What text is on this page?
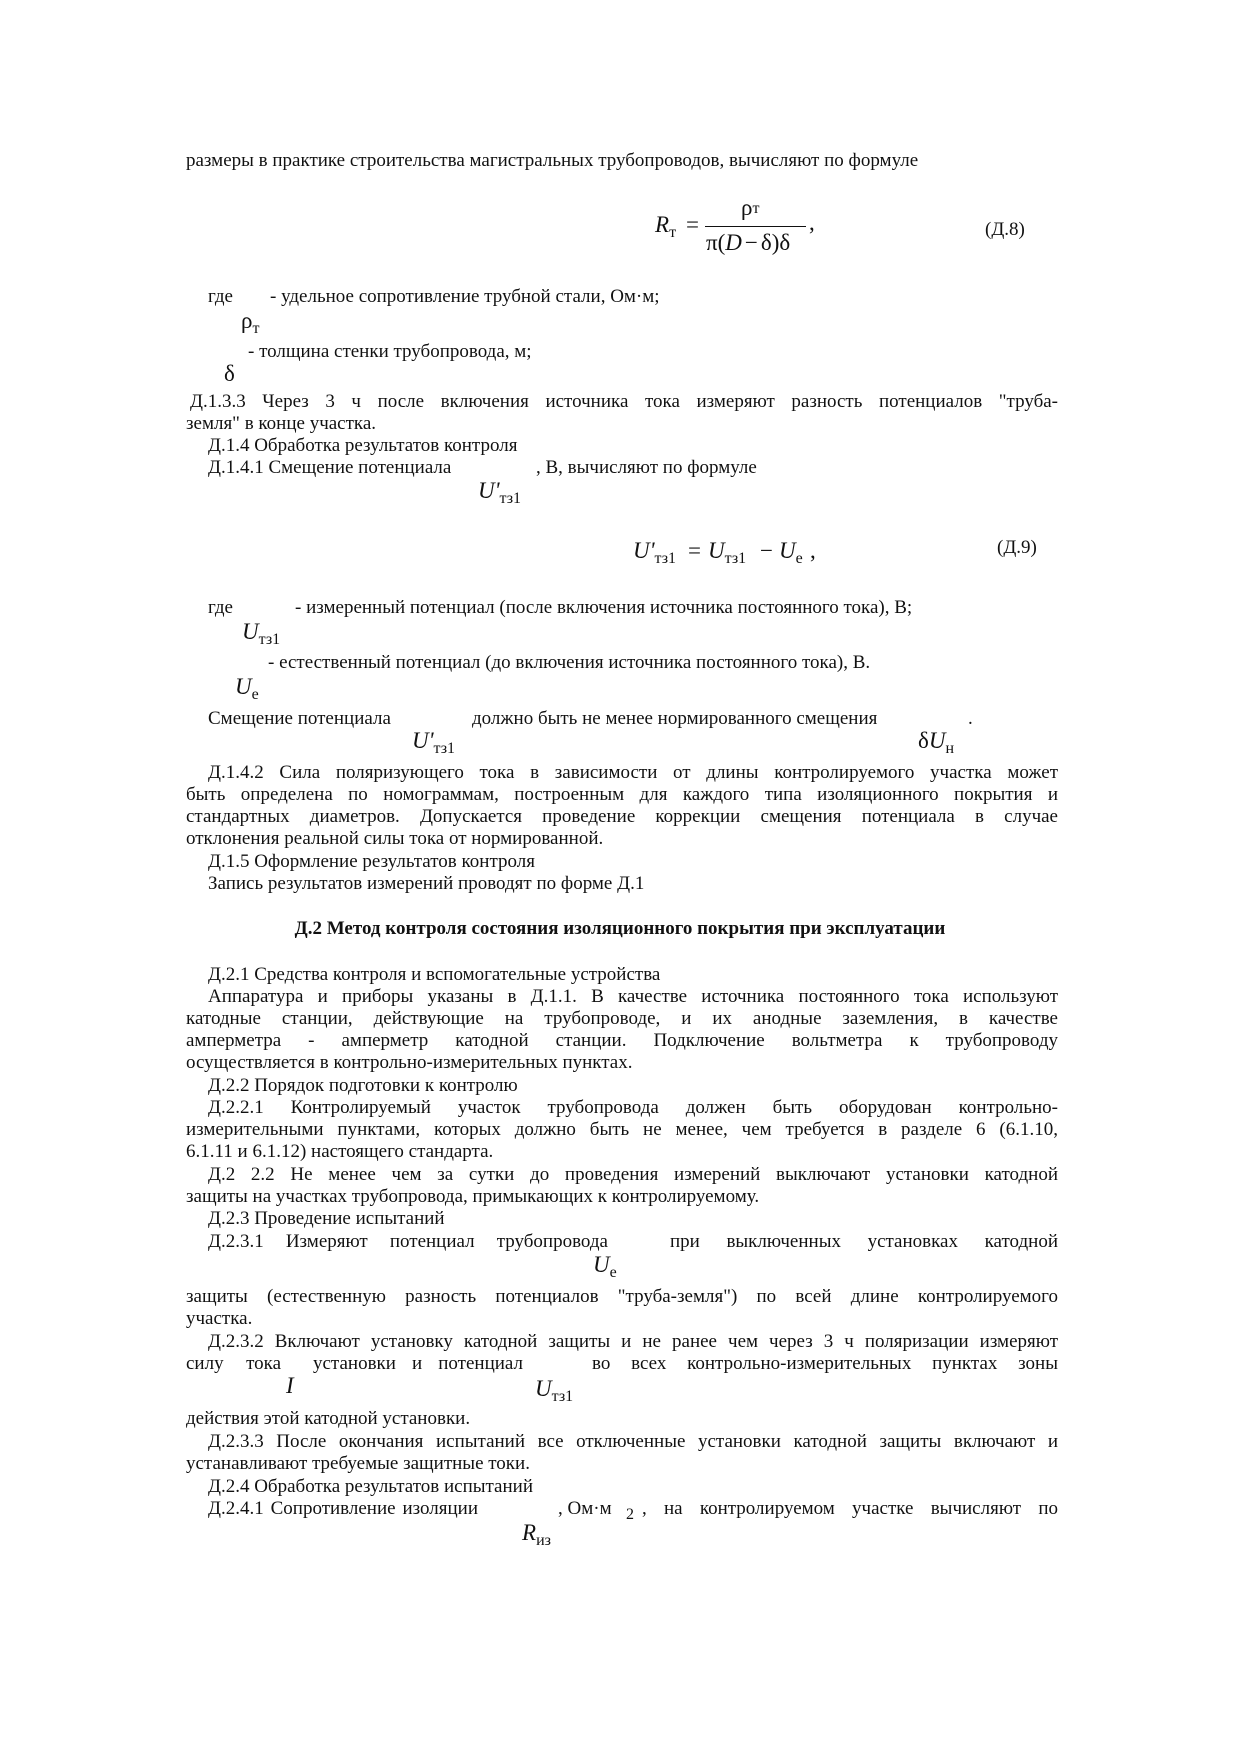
размеры в практике строительства магистральных трубопроводов, вычисляют по формуле
$R_т$ =
ρт
π(D − δ)δ
,	(Д.8)
где - удельное сопротивление трубной стали, Ом·м;
$\rho_т$
- толщина стенки трубопровода, м;
δ
Д.1.3.3 Через 3 ч после включения источника тока измеряют разность потенциалов "труба-
земля" в конце участка.
Д.1.4 Обработка результатов контроля
Д.1.4.1 Смещение потенциала	, В, вычисляют по формуле
$U'_{тз1}$
$U'_{тз1} = U_{тз1} - U_е$ ,	(Д.9)
где	- измеренный потенциал (после включения источника постоянного тока), В;
$U_{тз1}$
- естественный потенциал (до включения источника постоянного тока), В.
$U_е$
Смещение потенциала	должно быть не менее нормированного смещения	.
$U'_{тз1}$	$\delta U_н$
Д.1.4.2 Сила поляризующего тока в зависимости от длины контролируемого участка может
быть определена по номограммам, построенным для каждого типа изоляционного покрытия и
стандартных диаметров. Допускается проведение коррекции смещения потенциала в случае
отклонения реальной силы тока от нормированной.
Д.1.5 Оформление результатов контроля
Запись результатов измерений проводят по форме Д.1
Д.2 Метод контроля состояния изоляционного покрытия при эксплуатации
Д.2.1 Средства контроля и вспомогательные устройства
Аппаратура и приборы указаны в Д.1.1. В качестве источника постоянного тока используют
катодные станции, действующие на трубопроводе, и их анодные заземления, в качестве
амперметра - амперметр катодной станции. Подключение вольтметра к трубопроводу
осуществляется в контрольно-измерительных пунктах.
Д.2.2 Порядок подготовки к контролю
Д.2.2.1 Контролируемый участок трубопровода должен быть оборудован контрольно-
измерительными пунктами, которых должно быть не менее, чем требуется в разделе 6 (6.1.10,
6.1.11 и 6.1.12) настоящего стандарта.
Д.2 2.2 Не менее чем за сутки до проведения измерений выключают установки катодной
защиты на участках трубопровода, примыкающих к контролируемому.
Д.2.3 Проведение испытаний
Д.2.3.1 Измеряют потенциал трубопровода	при выключенных установках катодной
$U_е$
защиты (естественную разность потенциалов "труба-земля") по всей длине контролируемого
участка.
Д.2.3.2 Включают установку катодной защиты и не ранее чем через 3 ч поляризации измеряют
силу тока установки и потенциал	во всех контрольно-измерительных пунктах зоны
I	$U_{тз1}$
действия этой катодной установки.
Д.2.3.3 После окончания испытаний все отключенные установки катодной защиты включают и
устанавливают требуемые защитные токи.
Д.2.4 Обработка результатов испытаний
Д.2.4.1 Сопротивление изоляции	, Ом·м 2 , на контролируемом участке вычисляют по
$R_{из}$
